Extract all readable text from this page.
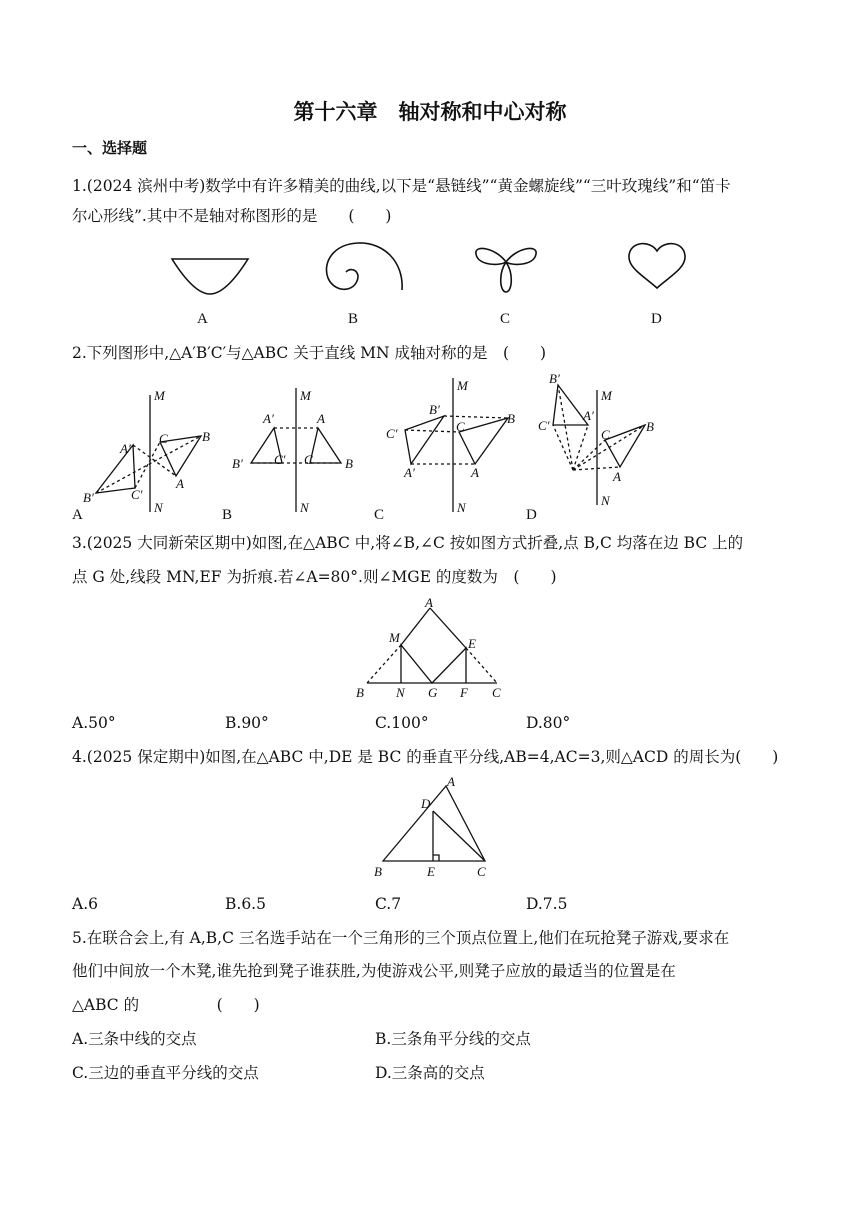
第十六章　轴对称和中心对称
一、选择题
1.(2024 滨州中考)数学中有许多精美的曲线,以下是“悬链线”“黄金螺旋线”“三叶玫瑰线”和“笛卡
尔心形线”.其中不是轴对称图形的是　　(　　)
A	B	C	D
2.下列图形中,△A′B′C′与△ABC 关于直线 MN 成轴对称的是　(　　)
M
N
A′
B′	C′
C	B
A
M
N
A′	A
B′ C′ C B
M
N
B′
C′	C
B
A′	A
B′
A′
C′
M
N
C
B
A
A	B	C	D
3.(2025 大同新荣区期中)如图,在△ABC 中,将∠B,∠C 按如图方式折叠,点 B,C 均落在边 BC 上的
点 G 处,线段 MN,EF 为折痕.若∠A=80°.则∠MGE 的度数为　(　　)
A
M	E
B N G F C
A.50°	B.90°	C.100°	D.80°
4.(2025 保定期中)如图,在△ABC 中,DE 是 BC 的垂直平分线,AB=4,AC=3,则△ACD 的周长为(　　)
A
D
B	E	C
A.6	B.6.5	C.7	D.7.5
5.在联合会上,有 A,B,C 三名选手站在一个三角形的三个顶点位置上,他们在玩抢凳子游戏,要求在
他们中间放一个木凳,谁先抢到凳子谁获胜,为使游戏公平,则凳子应放的最适当的位置是在
△ABC 的　　　　　(　　)
A.三条中线的交点	B.三条角平分线的交点
C.三边的垂直平分线的交点	D.三条高的交点
